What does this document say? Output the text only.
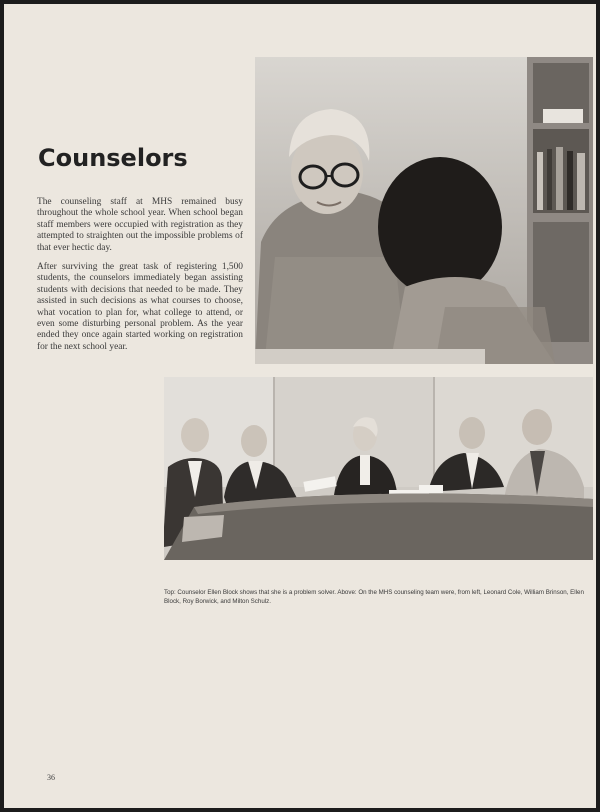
Counselors

The counseling staff at MHS remained busy throughout the whole school year. When school began staff members were occupied with registration as they attempted to straighten out the impossible problems of that ever hectic day.

After surviving the great task of registering 1,500 students, the counselors immediately began assisting students with decisions that needed to be made. They assisted in such decisions as what courses to choose, what vocation to plan for, what college to attend, or even some disturbing personal problem. As the year ended they once again started working on registration for the next school year.

Top: Counselor Ellen Block shows that she is a problem solver. Above: On the MHS counseling team were, from left, Leonard Cole, William Brinson, Ellen Block, Roy Borwick, and Milton Schulz.

36
